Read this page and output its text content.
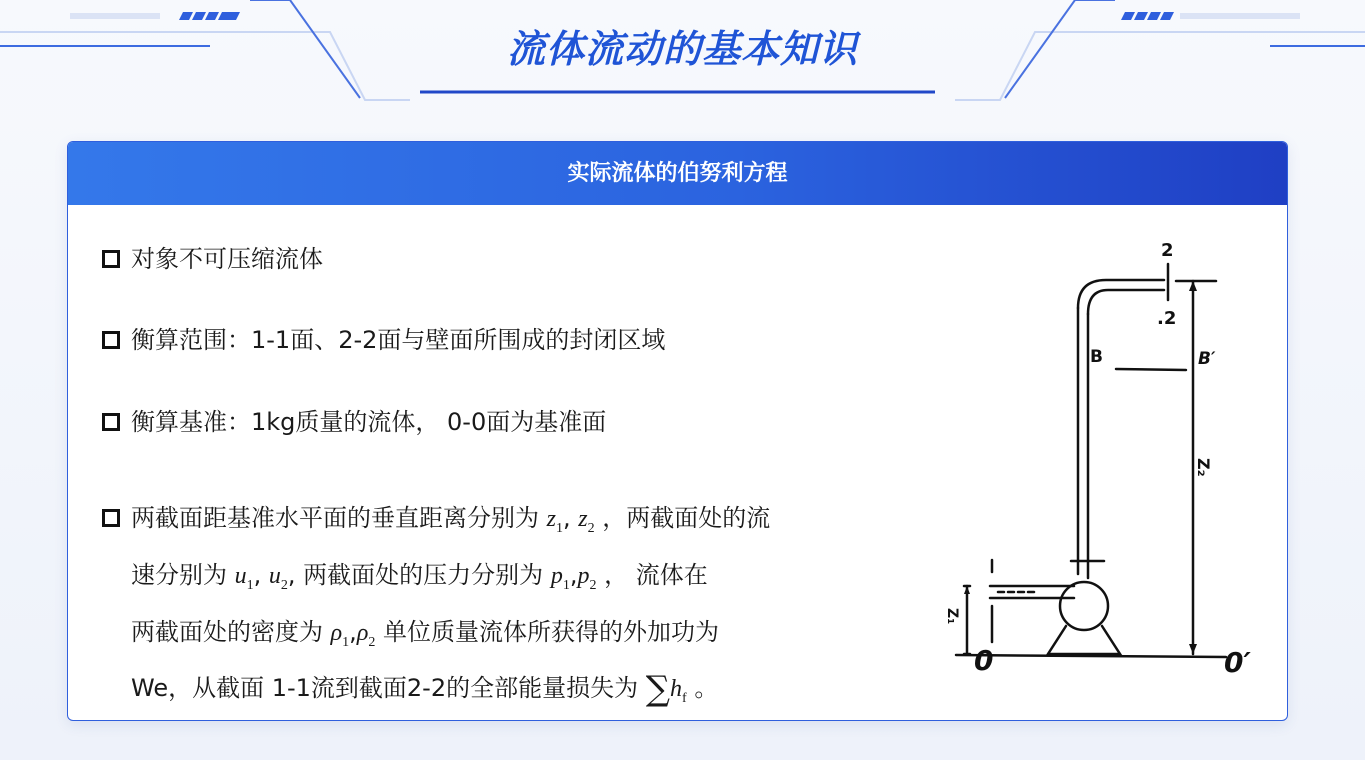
流体流动的基本知识
实际流体的伯努利方程
对象不可压缩流体
衡算范围：1-1面、2-2面与壁面所围成的封闭区域
衡算基准：1kg质量的流体， 0-0面为基准面
两截面距基准水平面的垂直距离分别为 $z_1$, $z_2$ ，两截面处的流
速分别为 $u_1$, $u_2$, 两截面处的压力分别为 $p_1,p_2$ ， 流体在
两截面处的密度为 $\rho_1,\rho_2$ 单位质量流体所获得的外加功为
We，从截面 1-1流到截面2-2的全部能量损失为 $\sum h_f$ 。
2
.2
B	B′
Z₂
Z₁
0	0′
